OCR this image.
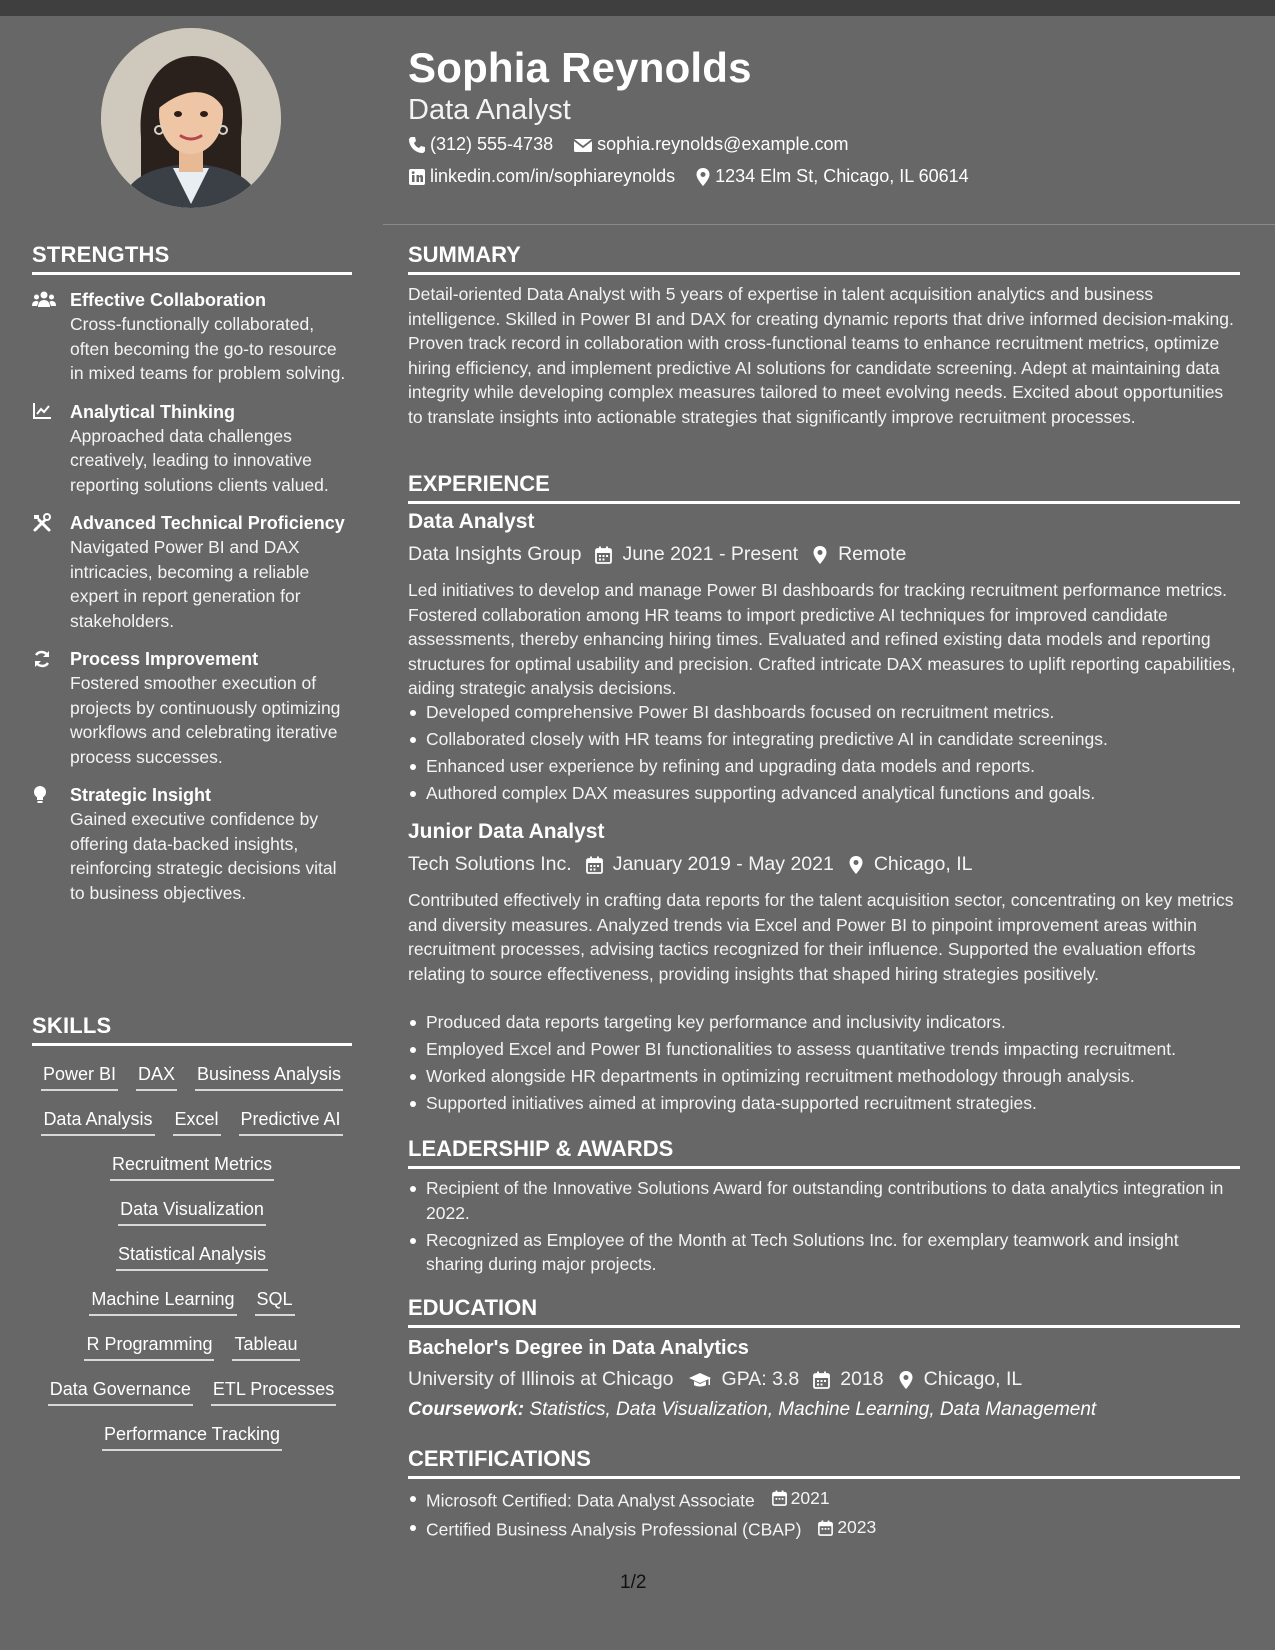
STRENGTHS
Effective Collaboration
Cross-functionally collaborated, often becoming the go-to resource in mixed teams for problem solving.
Analytical Thinking
Approached data challenges creatively, leading to innovative reporting solutions clients valued.
Advanced Technical Proficiency
Navigated Power BI and DAX intricacies, becoming a reliable expert in report generation for stakeholders.
Process Improvement
Fostered smoother execution of projects by continuously optimizing workflows and celebrating iterative process successes.
Strategic Insight
Gained executive confidence by offering data-backed insights, reinforcing strategic decisions vital to business objectives.
SKILLS
Power BI DAX Business Analysis
Data Analysis Excel Predictive AI
Recruitment Metrics
Data Visualization
Statistical Analysis
Machine Learning SQL
R Programming Tableau
Data Governance ETL Processes
Performance Tracking
Sophia Reynolds
Data Analyst
(312) 555-4738 sophia.reynolds@example.com
linkedin.com/in/sophiareynolds 1234 Elm St, Chicago, IL 60614
SUMMARY
Detail-oriented Data Analyst with 5 years of expertise in talent acquisition analytics and business intelligence. Skilled in Power BI and DAX for creating dynamic reports that drive informed decision-making. Proven track record in collaboration with cross-functional teams to enhance recruitment metrics, optimize hiring efficiency, and implement predictive AI solutions for candidate screening. Adept at maintaining data integrity while developing complex measures tailored to meet evolving needs. Excited about opportunities to translate insights into actionable strategies that significantly improve recruitment processes.
EXPERIENCE
Data Analyst
Data Insights Group June 2021 - Present Remote
Led initiatives to develop and manage Power BI dashboards for tracking recruitment performance metrics. Fostered collaboration among HR teams to import predictive AI techniques for improved candidate assessments, thereby enhancing hiring times. Evaluated and refined existing data models and reporting structures for optimal usability and precision. Crafted intricate DAX measures to uplift reporting capabilities, aiding strategic analysis decisions.
Developed comprehensive Power BI dashboards focused on recruitment metrics.
Collaborated closely with HR teams for integrating predictive AI in candidate screenings.
Enhanced user experience by refining and upgrading data models and reports.
Authored complex DAX measures supporting advanced analytical functions and goals.
Junior Data Analyst
Tech Solutions Inc. January 2019 - May 2021 Chicago, IL
Contributed effectively in crafting data reports for the talent acquisition sector, concentrating on key metrics and diversity measures. Analyzed trends via Excel and Power BI to pinpoint improvement areas within recruitment processes, advising tactics recognized for their influence. Supported the evaluation efforts relating to source effectiveness, providing insights that shaped hiring strategies positively.
Produced data reports targeting key performance and inclusivity indicators.
Employed Excel and Power BI functionalities to assess quantitative trends impacting recruitment.
Worked alongside HR departments in optimizing recruitment methodology through analysis.
Supported initiatives aimed at improving data-supported recruitment strategies.
LEADERSHIP & AWARDS
Recipient of the Innovative Solutions Award for outstanding contributions to data analytics integration in 2022.
Recognized as Employee of the Month at Tech Solutions Inc. for exemplary teamwork and insight sharing during major projects.
EDUCATION
Bachelor's Degree in Data Analytics
University of Illinois at Chicago GPA: 3.8 2018 Chicago, IL
Coursework: Statistics, Data Visualization, Machine Learning, Data Management
CERTIFICATIONS
Microsoft Certified: Data Analyst Associate 2021
Certified Business Analysis Professional (CBAP) 2023
1/2
